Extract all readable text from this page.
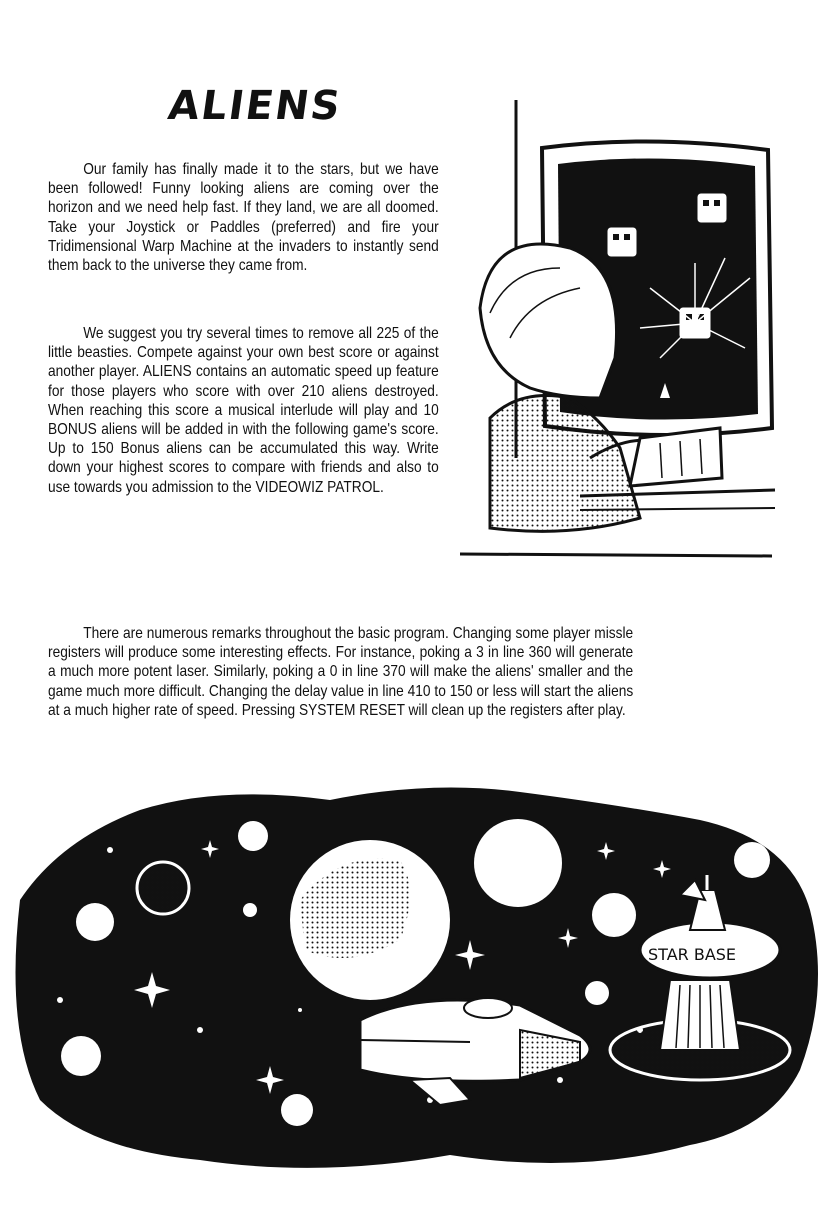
ALIENS

Our family has finally made it to the stars, but we have been followed! Funny looking aliens are coming over the horizon and we need help fast. If they land, we are all doomed. Take your Joystick or Paddles (preferred) and fire your Tridimensional Warp Machine at the invaders to instantly send them back to the universe they came from.

We suggest you try several times to remove all 225 of the little beasties. Compete against your own best score or against another player. ALIENS contains an automatic speed up feature for those players who score with over 210 aliens destroyed. When reaching this score a musical interlude will play and 10 BONUS aliens will be added in with the following game's score. Up to 150 Bonus aliens can be accumulated this way. Write down your highest scores to compare with friends and also to use towards you admission to the VIDEOWIZ PATROL.

There are numerous remarks throughout the basic program. Changing some player missle registers will produce some interesting effects. For instance, poking a 3 in line 360 will generate a much more potent laser. Similarly, poking a 0 in line 370 will make the aliens' smaller and the game much more difficult. Changing the delay value in line 410 to 150 or less will start the aliens at a much higher rate of speed. Pressing SYSTEM RESET will clean up the registers after play.

STAR BASE
